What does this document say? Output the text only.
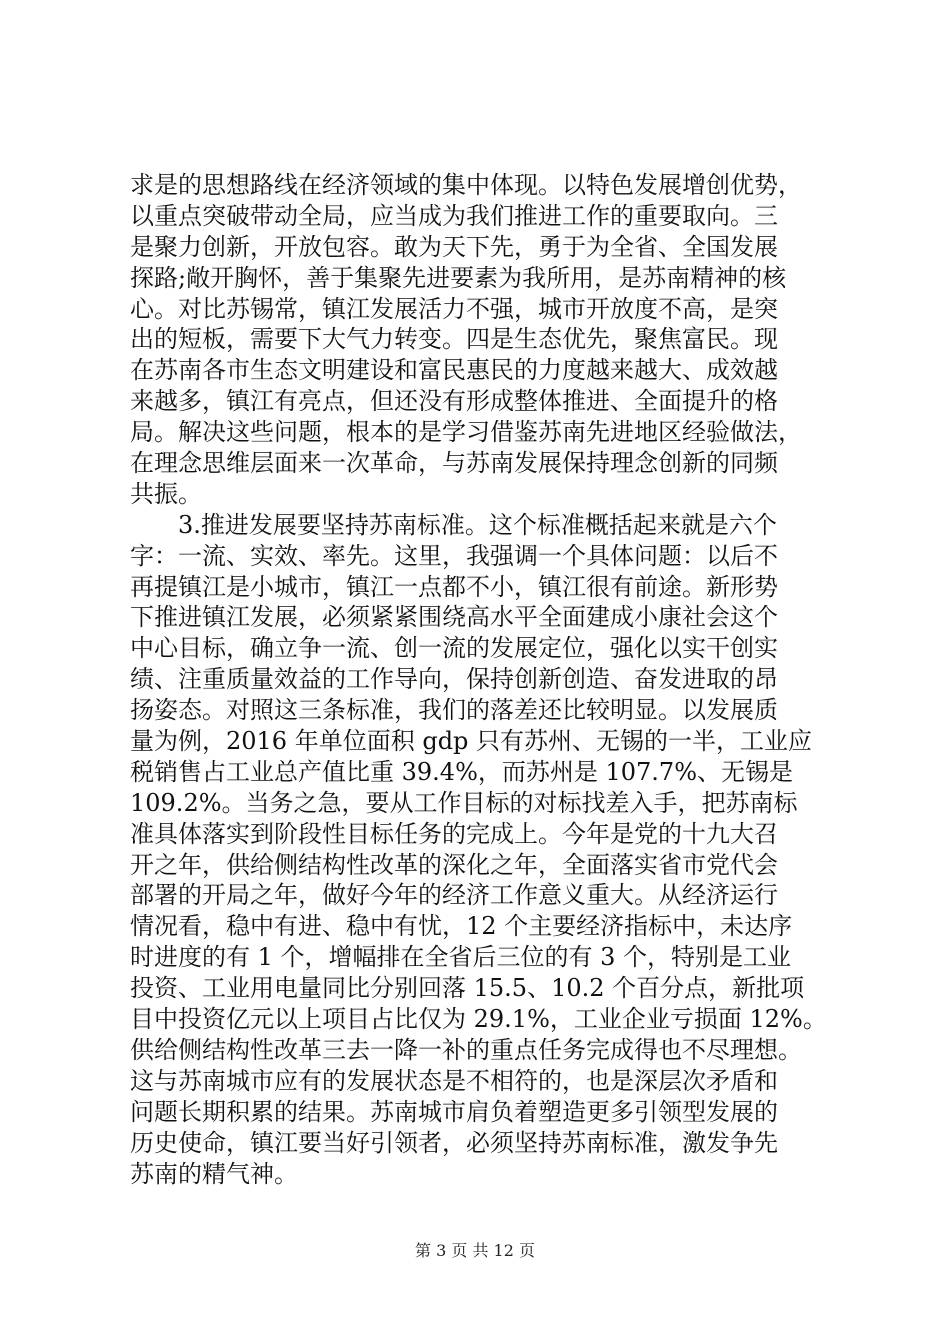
求是的思想路线在经济领域的集中体现。以特色发展增创优势，
以重点突破带动全局，应当成为我们推进工作的重要取向。三
是聚力创新，开放包容。敢为天下先，勇于为全省、全国发展
探路;敞开胸怀，善于集聚先进要素为我所用，是苏南精神的核
心。对比苏锡常，镇江发展活力不强，城市开放度不高，是突
出的短板，需要下大气力转变。四是生态优先，聚焦富民。现
在苏南各市生态文明建设和富民惠民的力度越来越大、成效越
来越多，镇江有亮点，但还没有形成整体推进、全面提升的格
局。解决这些问题，根本的是学习借鉴苏南先进地区经验做法，
在理念思维层面来一次革命，与苏南发展保持理念创新的同频
共振。
　　3.推进发展要坚持苏南标准。这个标准概括起来就是六个
字：一流、实效、率先。这里，我强调一个具体问题：以后不
再提镇江是小城市，镇江一点都不小，镇江很有前途。新形势
下推进镇江发展，必须紧紧围绕高水平全面建成小康社会这个
中心目标，确立争一流、创一流的发展定位，强化以实干创实
绩、注重质量效益的工作导向，保持创新创造、奋发进取的昂
扬姿态。对照这三条标准，我们的落差还比较明显。以发展质
量为例，2016 年单位面积 gdp 只有苏州、无锡的一半，工业应
税销售占工业总产值比重 39.4%，而苏州是 107.7%、无锡是
109.2%。当务之急，要从工作目标的对标找差入手，把苏南标
准具体落实到阶段性目标任务的完成上。今年是党的十九大召
开之年，供给侧结构性改革的深化之年，全面落实省市党代会
部署的开局之年，做好今年的经济工作意义重大。从经济运行
情况看，稳中有进、稳中有忧，12 个主要经济指标中，未达序
时进度的有 1 个，增幅排在全省后三位的有 3 个，特别是工业
投资、工业用电量同比分别回落 15.5、10.2 个百分点，新批项
目中投资亿元以上项目占比仅为 29.1%，工业企业亏损面 12%。
供给侧结构性改革三去一降一补的重点任务完成得也不尽理想。
这与苏南城市应有的发展状态是不相符的，也是深层次矛盾和
问题长期积累的结果。苏南城市肩负着塑造更多引领型发展的
历史使命，镇江要当好引领者，必须坚持苏南标准，激发争先
苏南的精气神。
第 3 页 共 12 页
